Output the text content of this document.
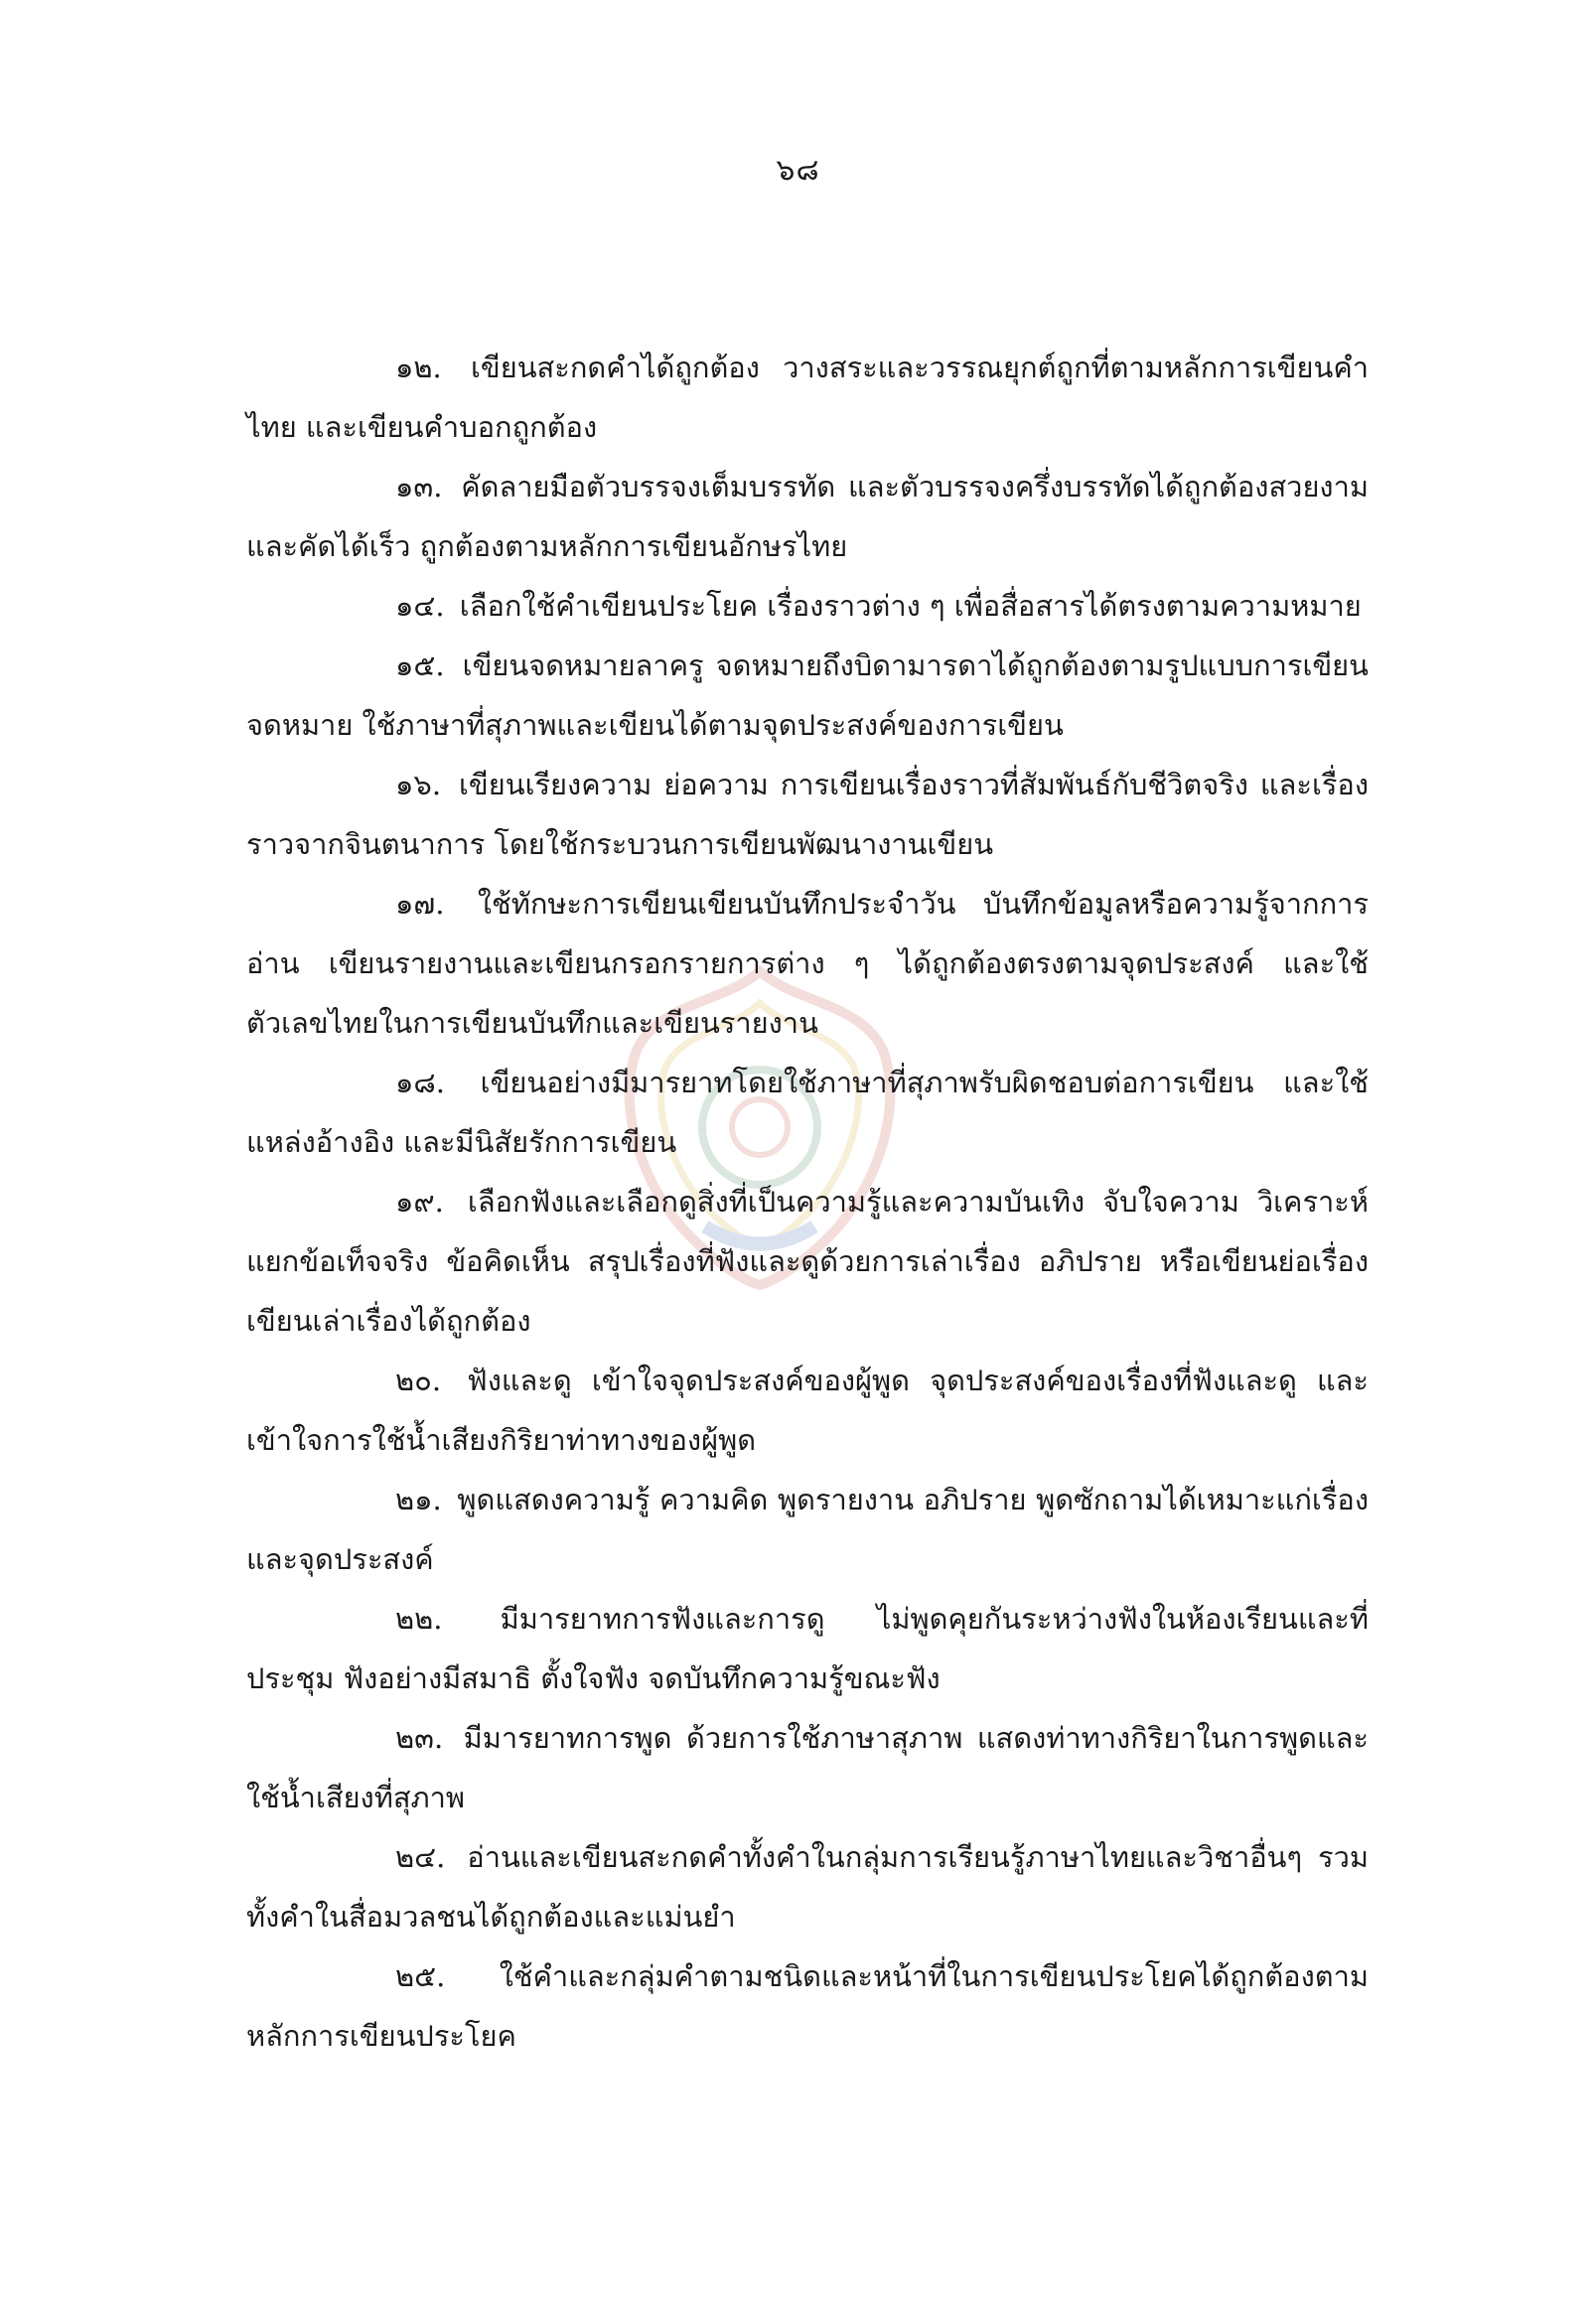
๖๘

๑๒. เขียนสะกดคำได้ถูกต้อง วางสระและวรรณยุกต์ถูกที่ตามหลักการเขียนคำไทย และเขียนคำบอกถูกต้อง

๑๓. คัดลายมือตัวบรรจงเต็มบรรทัด และตัวบรรจงครึ่งบรรทัดได้ถูกต้องสวยงาม และคัดได้เร็ว ถูกต้องตามหลักการเขียนอักษรไทย

๑๔. เลือกใช้คำเขียนประโยค เรื่องราวต่าง ๆ เพื่อสื่อสารได้ตรงตามความหมาย

๑๕. เขียนจดหมายลาครู จดหมายถึงบิดามารดาได้ถูกต้องตามรูปแบบการเขียน จดหมาย ใช้ภาษาที่สุภาพและเขียนได้ตามจุดประสงค์ของการเขียน

๑๖. เขียนเรียงความ ย่อความ การเขียนเรื่องราวที่สัมพันธ์กับชีวิตจริง และเรื่องราวจากจินตนาการ โดยใช้กระบวนการเขียนพัฒนางานเขียน

๑๗. ใช้ทักษะการเขียนเขียนบันทึกประจำวัน บันทึกข้อมูลหรือความรู้จากการอ่าน เขียนรายงานและเขียนกรอกรายการต่าง ๆ ได้ถูกต้องตรงตามจุดประสงค์ และใช้ตัวเลขไทยในการเขียนบันทึกและเขียนรายงาน

๑๘. เขียนอย่างมีมารยาทโดยใช้ภาษาที่สุภาพรับผิดชอบต่อการเขียน และใช้แหล่งอ้างอิง และมีนิสัยรักการเขียน

๑๙. เลือกฟังและเลือกดูสิ่งที่เป็นความรู้และความบันเทิง จับใจความ วิเคราะห์แยกข้อเท็จจริง ข้อคิดเห็น สรุปเรื่องที่ฟังและดูด้วยการเล่าเรื่อง อภิปราย หรือเขียนย่อเรื่อง เขียนเล่าเรื่องได้ถูกต้อง

๒๐. ฟังและดู เข้าใจจุดประสงค์ของผู้พูด จุดประสงค์ของเรื่องที่ฟังและดู และเข้าใจการใช้น้ำเสียงกิริยาท่าทางของผู้พูด

๒๑. พูดแสดงความรู้ ความคิด พูดรายงาน อภิปราย พูดซักถามได้เหมาะแก่เรื่องและจุดประสงค์

๒๒. มีมารยาทการฟังและการดู ไม่พูดคุยกันระหว่างฟังในห้องเรียนและที่ประชุม ฟังอย่างมีสมาธิ ตั้งใจฟัง จดบันทึกความรู้ขณะฟัง

๒๓. มีมารยาทการพูด ด้วยการใช้ภาษาสุภาพ แสดงท่าทางกิริยาในการพูดและใช้น้ำเสียงที่สุภาพ

๒๔. อ่านและเขียนสะกดคำทั้งคำในกลุ่มการเรียนรู้ภาษาไทยและวิชาอื่นๆ รวมทั้งคำในสื่อมวลชนได้ถูกต้องและแม่นยำ

๒๕. ใช้คำและกลุ่มคำตามชนิดและหน้าที่ในการเขียนประโยคได้ถูกต้องตามหลักการเขียนประโยค
